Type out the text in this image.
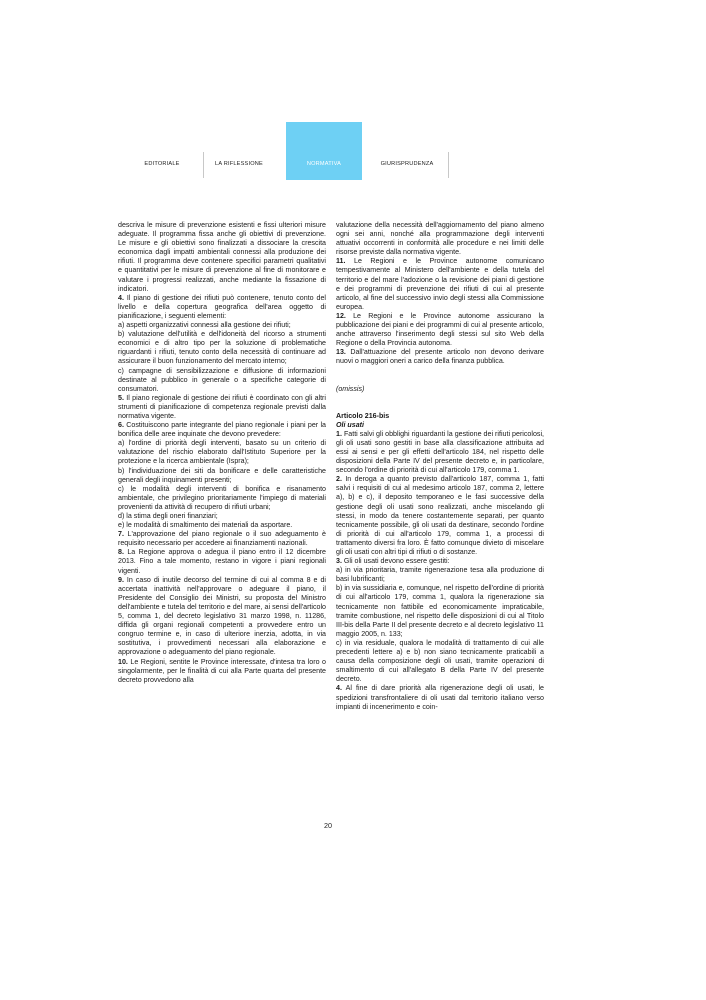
EDITORIALE	LA RIFLESSIONE	NORMATIVA	GIURISPRUDENZA

descriva le misure di prevenzione esistenti e fissi ulteriori misure adeguate. Il programma fissa anche gli obiettivi di prevenzione. Le misure e gli obiettivi sono finalizzati a dissociare la crescita economica dagli impatti ambientali connessi alla produzione dei rifiuti. Il programma deve contenere specifici parametri qualitativi e quantitativi per le misure di prevenzione al fine di monitorare e valutare i progressi realizzati, anche mediante la fissazione di indicatori.

4. Il piano di gestione dei rifiuti può contenere, tenuto conto del livello e della copertura geografica dell'area oggetto di pianificazione, i seguenti elementi:

a) aspetti organizzativi connessi alla gestione dei rifiuti;

b) valutazione dell'utilità e dell'idoneità del ricorso a strumenti economici e di altro tipo per la soluzione di problematiche riguardanti i rifiuti, tenuto conto della necessità di continuare ad assicurare il buon funzionamento del mercato interno;

c) campagne di sensibilizzazione e diffusione di informazioni destinate al pubblico in generale o a specifiche categorie di consumatori.

5. Il piano regionale di gestione dei rifiuti è coordinato con gli altri strumenti di pianificazione di competenza regionale previsti dalla normativa vigente.

6. Costituiscono parte integrante del piano regionale i piani per la bonifica delle aree inquinate che devono prevedere:

a) l'ordine di priorità degli interventi, basato su un criterio di valutazione del rischio elaborato dall'Istituto Superiore per la protezione e la ricerca ambientale (Ispra);

b) l'individuazione dei siti da bonificare e delle caratteristiche generali degli inquinamenti presenti;

c) le modalità degli interventi di bonifica e risanamento ambientale, che privilegino prioritariamente l'impiego di materiali provenienti da attività di recupero di rifiuti urbani;

d) la stima degli oneri finanziari;

e) le modalità di smaltimento dei materiali da asportare.

7. L'approvazione del piano regionale o il suo adeguamento è requisito necessario per accedere ai finanziamenti nazionali.

8. La Regione approva o adegua il piano entro il 12 dicembre 2013. Fino a tale momento, restano in vigore i piani regionali vigenti.

9. In caso di inutile decorso del termine di cui al comma 8 e di accertata inattività nell'approvare o adeguare il piano, il Presidente del Consiglio dei Ministri, su proposta del Ministro dell'ambiente e tutela del territorio e del mare, ai sensi dell'articolo 5, comma 1, del decreto legislativo 31 marzo 1998, n. 11286, diffida gli organi regionali competenti a provvedere entro un congruo termine e, in caso di ulteriore inerzia, adotta, in via sostitutiva, i provvedimenti necessari alla elaborazione e approvazione o adeguamento del piano regionale.

10. Le Regioni, sentite le Province interessate, d'intesa tra loro o singolarmente, per le finalità di cui alla Parte quarta del presente decreto provvedono alla

valutazione della necessità dell'aggiornamento del piano almeno ogni sei anni, nonché alla programmazione degli interventi attuativi occorrenti in conformità alle procedure e nei limiti delle risorse previste dalla normativa vigente.

11. Le Regioni e le Province autonome comunicano tempestivamente al Ministero dell'ambiente e della tutela del territorio e del mare l'adozione o la revisione dei piani di gestione e dei programmi di prevenzione dei rifiuti di cui al presente articolo, al fine del successivo invio degli stessi alla Commissione europea.

12. Le Regioni e le Province autonome assicurano la pubblicazione dei piani e dei programmi di cui al presente articolo, anche attraverso l'inserimento degli stessi sul sito Web della Regione o della Provincia autonoma.

13. Dall'attuazione del presente articolo non devono derivare nuovi o maggiori oneri a carico della finanza pubblica.

(omissis)

Articolo 216-bis

Oli usati

1. Fatti salvi gli obblighi riguardanti la gestione dei rifiuti pericolosi, gli oli usati sono gestiti in base alla classificazione attribuita ad essi ai sensi e per gli effetti dell'articolo 184, nel rispetto delle disposizioni della Parte IV del presente decreto e, in particolare, secondo l'ordine di priorità di cui all'articolo 179, comma 1.

2. In deroga a quanto previsto dall'articolo 187, comma 1, fatti salvi i requisiti di cui al medesimo articolo 187, comma 2, lettere a), b) e c), il deposito temporaneo e le fasi successive della gestione degli oli usati sono realizzati, anche miscelando gli stessi, in modo da tenere costantemente separati, per quanto tecnicamente possibile, gli oli usati da destinare, secondo l'ordine di priorità di cui all'articolo 179, comma 1, a processi di trattamento diversi fra loro. È fatto comunque divieto di miscelare gli oli usati con altri tipi di rifiuti o di sostanze.

3. Gli oli usati devono essere gestiti:

a) in via prioritaria, tramite rigenerazione tesa alla produzione di basi lubrificanti;

b) in via sussidiaria e, comunque, nel rispetto dell'ordine di priorità di cui all'articolo 179, comma 1, qualora la rigenerazione sia tecnicamente non fattibile ed economicamente impraticabile, tramite combustione, nel rispetto delle disposizioni di cui al Titolo III-bis della Parte II del presente decreto e al decreto legislativo 11 maggio 2005, n. 133;

c) in via residuale, qualora le modalità di trattamento di cui alle precedenti lettere a) e b) non siano tecnicamente praticabili a causa della composizione degli oli usati, tramite operazioni di smaltimento di cui all'allegato B della Parte IV del presente decreto.

4. Al fine di dare priorità alla rigenerazione degli oli usati, le spedizioni transfrontaliere di oli usati dal territorio italiano verso impianti di incenerimento e coin-

20
